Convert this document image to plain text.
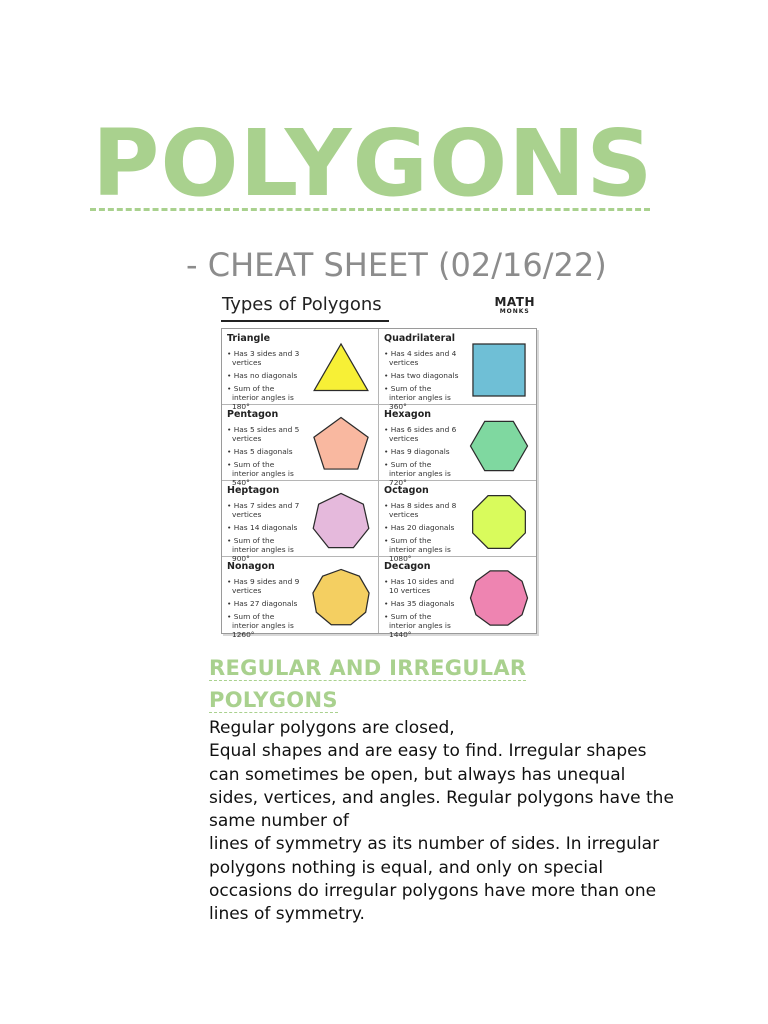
POLYGONS
- CHEAT SHEET (02/16/22)
Types of Polygons	MATH
MONKS
Triangle
• Has 3 sides and 3 vertices
• Has no diagonals
• Sum of the interior angles is 180°
Quadrilateral
• Has 4 sides and 4 vertices
• Has two diagonals
• Sum of the interior angles is 360°
Pentagon
• Has 5 sides and 5 vertices
• Has 5 diagonals
• Sum of the interior angles is 540°
Hexagon
• Has 6 sides and 6 vertices
• Has 9 diagonals
• Sum of the interior angles is 720°
Heptagon
• Has 7 sides and 7 vertices
• Has 14 diagonals
• Sum of the interior angles is 900°
Octagon
• Has 8 sides and 8 vertices
• Has 20 diagonals
• Sum of the interior angles is 1080°
Nonagon
• Has 9 sides and 9 vertices
• Has 27 diagonals
• Sum of the interior angles is 1260°
Decagon
• Has 10 sides and 10 vertices
• Has 35 diagonals
• Sum of the interior angles is 1440°
REGULAR AND IRREGULAR POLYGONS

Regular polygons are closed,

Equal shapes and are easy to find. Irregular shapes can sometimes be open, but always has unequal sides, vertices, and angles. Regular polygons have the same number of

lines of symmetry as its number of sides. In irregular polygons nothing is equal, and only on special occasions do irregular polygons have more than one lines of symmetry.
